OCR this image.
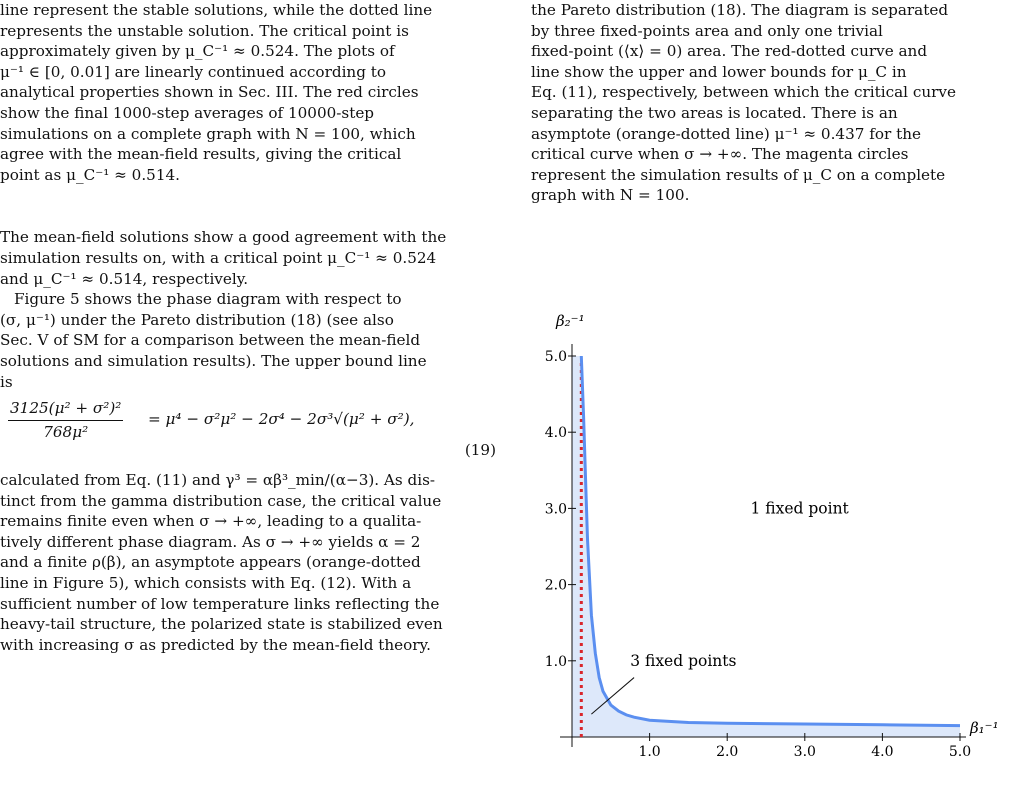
line represent the stable solutions, while the dotted line

represents the unstable solution. The critical point is

approximately given by μ_C⁻¹ ≈ 0.524. The plots of

μ⁻¹ ∈ [0, 0.01] are linearly continued according to

analytical properties shown in Sec. III. The red circles

show the final 1000-step averages of 10000-step

simulations on a complete graph with N = 100, which

agree with the mean-field results, giving the critical

point as μ_C⁻¹ ≈ 0.514.

The mean-field solutions show a good agreement with the

simulation results on, with a critical point μ_C⁻¹ ≈ 0.524

and μ_C⁻¹ ≈ 0.514, respectively.

Figure 5 shows the phase diagram with respect to

(σ, μ⁻¹) under the Pareto distribution (18) (see also

Sec. V of SM for a comparison between the mean-field

solutions and simulation results). The upper bound line

is

$\frac{\text{3125(μ² + σ²)²}}{\text{768μ²}} = \mu^4 - \sigma^2\mu^2 - 2\sigma^4 - 2\sigma^3√(\mu^2 + \sigma^2)$,
(19)

calculated from Eq. (11) and γ³ = αβ³_min/(α−3). As dis-

tinct from the gamma distribution case, the critical value

remains finite even when σ → +∞, leading to a qualita-

tively different phase diagram. As σ → +∞ yields α = 2

and a finite ρ(β), an asymptote appears (orange-dotted

line in Figure 5), which consists with Eq. (12). With a

sufficient number of low temperature links reflecting the

heavy-tail structure, the polarized state is stabilized even

with increasing σ as predicted by the mean-field theory.

the Pareto distribution (18). The diagram is separated

by three fixed-points area and only one trivial

fixed-point (⟨x⟩ = 0) area. The red-dotted curve and

line show the upper and lower bounds for μ_C in

Eq. (11), respectively, between which the critical curve

separating the two areas is located. There is an

asymptote (orange-dotted line) μ⁻¹ ≈ 0.437 for the

critical curve when σ → +∞. The magenta circles

represent the simulation results of μ_C on a complete

graph with N = 100.

1.0	2.0	3.0	4.0	5.0
1.0
2.0
3.0
4.0
5.0
β₂⁻¹
β₁⁻¹
1 fixed point
3 fixed points
